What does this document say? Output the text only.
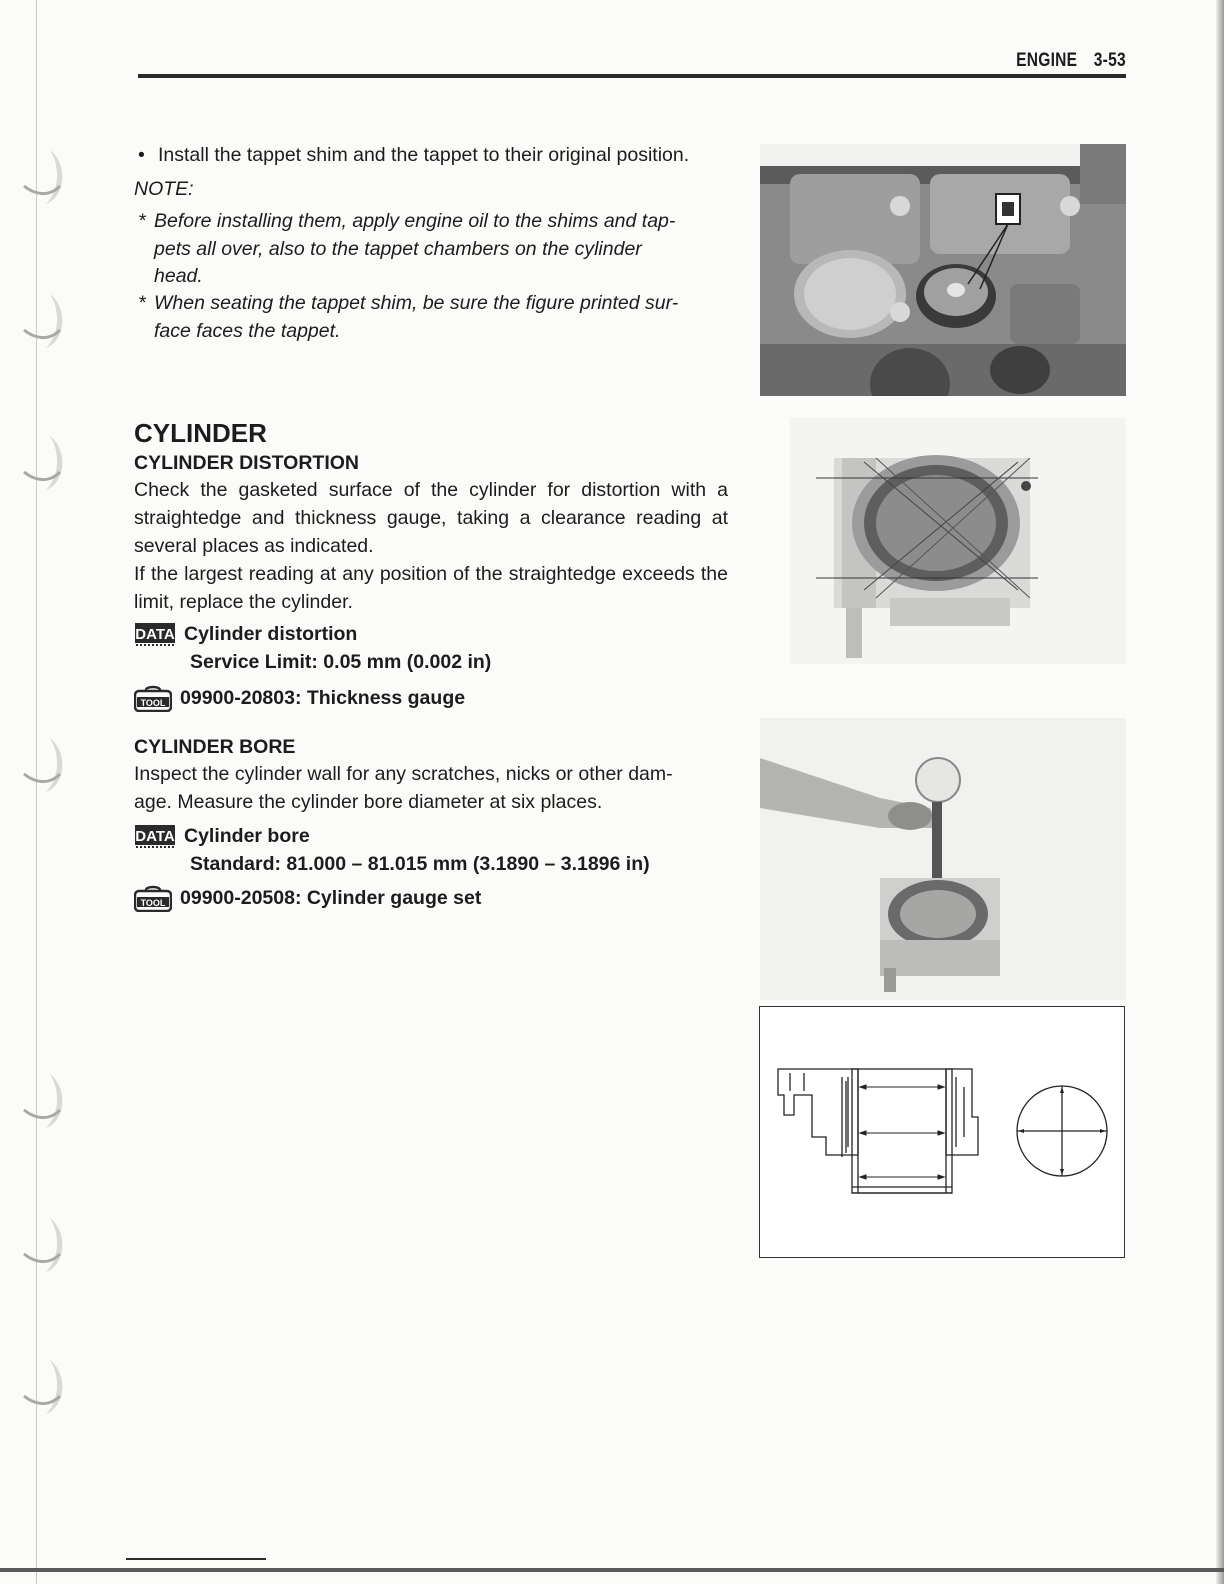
ENGINE 3-53
• Install the tappet shim and the tappet to their original position.
NOTE:
* Before installing them, apply engine oil to the shims and tap-
pets all over, also to the tappet chambers on the cylinder
head.
* When seating the tappet shim, be sure the figure printed sur-
face faces the tappet.
CYLINDER
CYLINDER DISTORTION
Check the gasketed surface of the cylinder for distortion with a straightedge and thickness gauge, taking a clearance reading at several places as indicated.
If the largest reading at any position of the straightedge exceeds the limit, replace the cylinder.
DATA Cylinder distortion
Service Limit: 0.05 mm (0.002 in)
TOOL 09900-20803: Thickness gauge
CYLINDER BORE
Inspect the cylinder wall for any scratches, nicks or other dam-
age. Measure the cylinder bore diameter at six places.
DATA Cylinder bore
Standard: 81.000 – 81.015 mm (3.1890 – 3.1896 in)
TOOL 09900-20508: Cylinder gauge set
